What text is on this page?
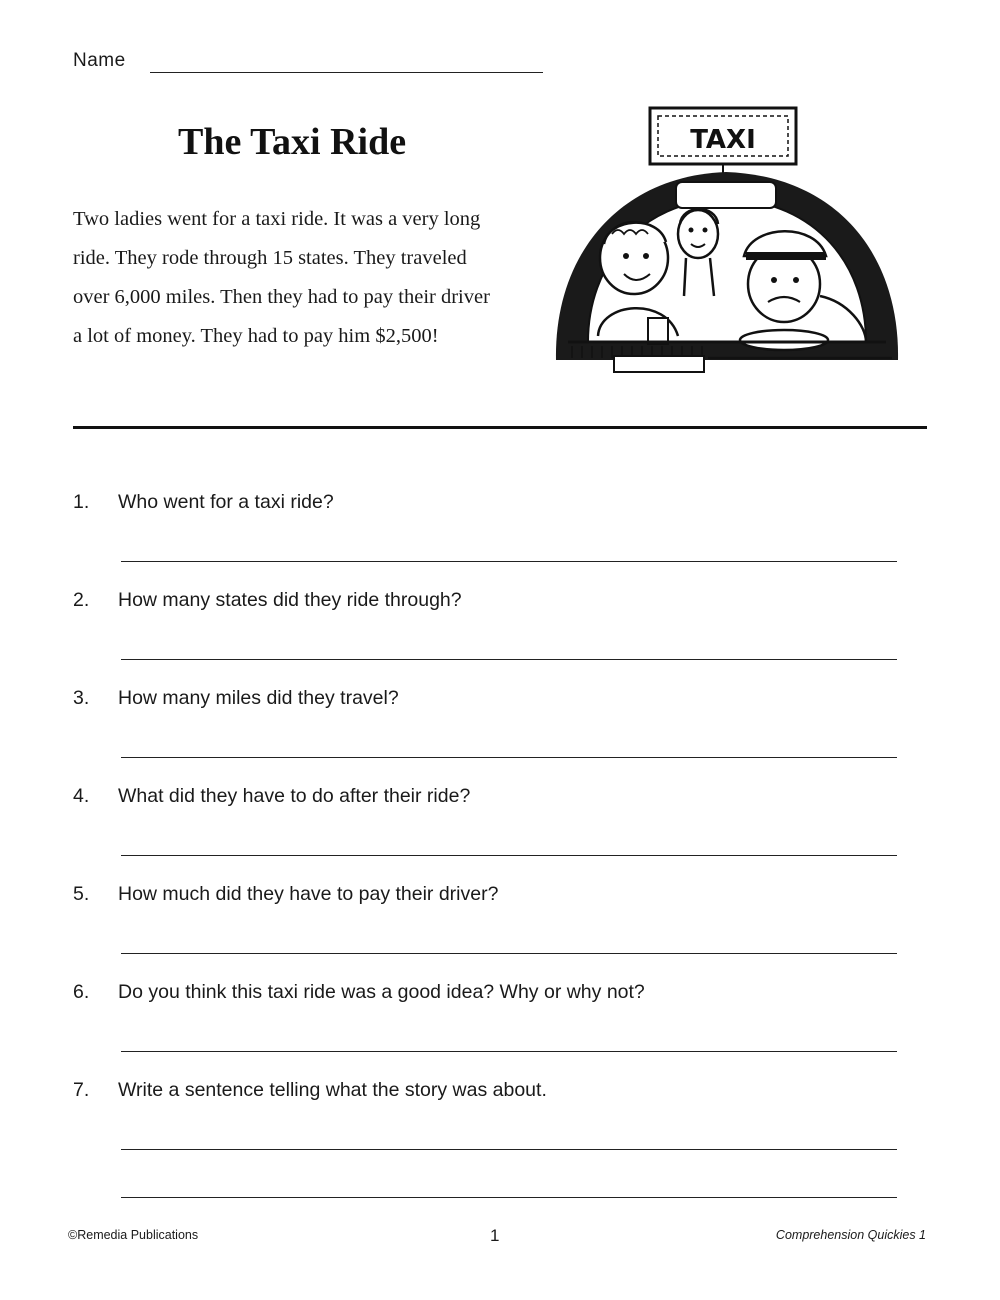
Name
The Taxi Ride

Two ladies went for a taxi ride. It was a very long
ride. They rode through 15 states. They traveled
over 6,000 miles. Then they had to pay their driver
a lot of money. They had to pay him $2,500!

TAXI
1. Who went for a taxi ride?
2. How many states did they ride through?
3. How many miles did they travel?
4. What did they have to do after their ride?
5. How much did they have to pay their driver?
6. Do you think this taxi ride was a good idea? Why or why not?
7. Write a sentence telling what the story was about.
©Remedia Publications	1	Comprehension Quickies 1
